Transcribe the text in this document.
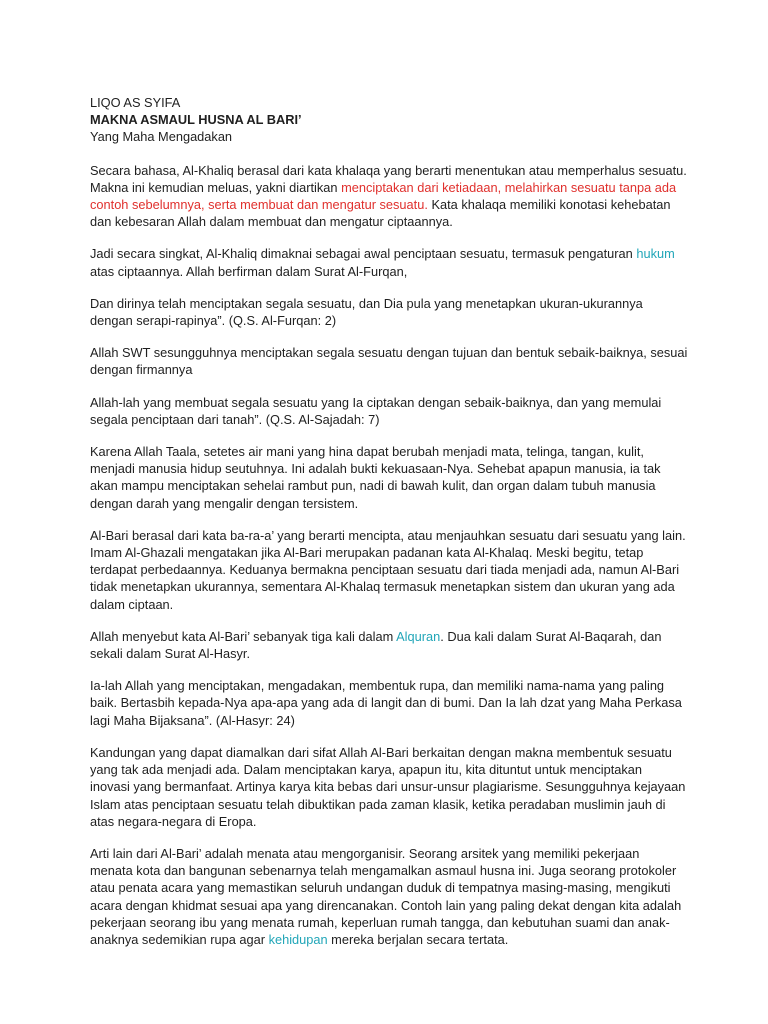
LIQO AS SYIFA

MAKNA ASMAUL HUSNA AL BARI’

Yang Maha Mengadakan

Secara bahasa, Al-Khaliq berasal dari kata khalaqa yang berarti menentukan atau memperhalus sesuatu.
Makna ini kemudian meluas, yakni diartikan menciptakan dari ketiadaan, melahirkan sesuatu tanpa ada
contoh sebelumnya, serta membuat dan mengatur sesuatu. Kata khalaqa memiliki konotasi kehebatan
dan kebesaran Allah dalam membuat dan mengatur ciptaannya.
Jadi secara singkat, Al-Khaliq dimaknai sebagai awal penciptaan sesuatu, termasuk pengaturan hukum
atas ciptaannya. Allah berfirman dalam Surat Al-Furqan,
Dan dirinya telah menciptakan segala sesuatu, dan Dia pula yang menetapkan ukuran-ukurannya
dengan serapi-rapinya”. (Q.S. Al-Furqan: 2)
Allah SWT sesungguhnya menciptakan segala sesuatu dengan tujuan dan bentuk sebaik-baiknya, sesuai
dengan firmannya
Allah-lah yang membuat segala sesuatu yang Ia ciptakan dengan sebaik-baiknya, dan yang memulai
segala penciptaan dari tanah”. (Q.S. Al-Sajadah: 7)
Karena Allah Taala, setetes air mani yang hina dapat berubah menjadi mata, telinga, tangan, kulit,
menjadi manusia hidup seutuhnya. Ini adalah bukti kekuasaan-Nya. Sehebat apapun manusia, ia tak
akan mampu menciptakan sehelai rambut pun, nadi di bawah kulit, dan organ dalam tubuh manusia
dengan darah yang mengalir dengan tersistem.
Al-Bari berasal dari kata ba-ra-a’ yang berarti mencipta, atau menjauhkan sesuatu dari sesuatu yang lain.
Imam Al-Ghazali mengatakan jika Al-Bari merupakan padanan kata Al-Khalaq. Meski begitu, tetap
terdapat perbedaannya. Keduanya bermakna penciptaan sesuatu dari tiada menjadi ada, namun Al-Bari
tidak menetapkan ukurannya, sementara Al-Khalaq termasuk menetapkan sistem dan ukuran yang ada
dalam ciptaan.
Allah menyebut kata Al-Bari’ sebanyak tiga kali dalam Alquran. Dua kali dalam Surat Al-Baqarah, dan
sekali dalam Surat Al-Hasyr.
Ia-lah Allah yang menciptakan, mengadakan, membentuk rupa, dan memiliki nama-nama yang paling
baik. Bertasbih kepada-Nya apa-apa yang ada di langit dan di bumi. Dan Ia lah dzat yang Maha Perkasa
lagi Maha Bijaksana”. (Al-Hasyr: 24)
Kandungan yang dapat diamalkan dari sifat Allah Al-Bari berkaitan dengan makna membentuk sesuatu
yang tak ada menjadi ada. Dalam menciptakan karya, apapun itu, kita dituntut untuk menciptakan
inovasi yang bermanfaat. Artinya karya kita bebas dari unsur-unsur plagiarisme. Sesungguhnya kejayaan
Islam atas penciptaan sesuatu telah dibuktikan pada zaman klasik, ketika peradaban muslimin jauh di
atas negara-negara di Eropa.
Arti lain dari Al-Bari’ adalah menata atau mengorganisir. Seorang arsitek yang memiliki pekerjaan
menata kota dan bangunan sebenarnya telah mengamalkan asmaul husna ini. Juga seorang protokoler
atau penata acara yang memastikan seluruh undangan duduk di tempatnya masing-masing, mengikuti
acara dengan khidmat sesuai apa yang direncanakan. Contoh lain yang paling dekat dengan kita adalah
pekerjaan seorang ibu yang menata rumah, keperluan rumah tangga, dan kebutuhan suami dan anak-
anaknya sedemikian rupa agar kehidupan mereka berjalan secara tertata.
